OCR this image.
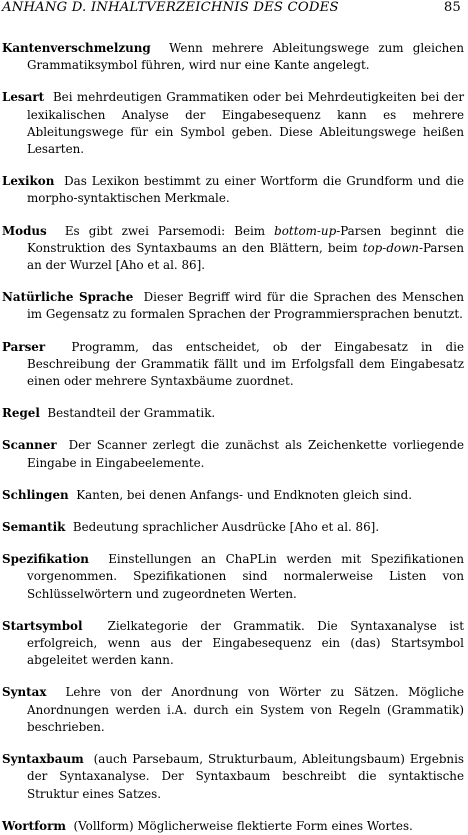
ANHANG D. INHALTVERZEICHNIS DES CODES	85

Kantenverschmelzung Wenn mehrere Ableitungswege zum gleichen Grammatiksymbol führen, wird nur eine Kante angelegt.

Lesart Bei mehrdeutigen Grammatiken oder bei Mehrdeutigkeiten bei der lexikalischen Analyse der Eingabesequenz kann es mehrere Ableitungswege für ein Symbol geben. Diese Ableitungswege heißen Lesarten.

Lexikon Das Lexikon bestimmt zu einer Wortform die Grundform und die morpho-syntaktischen Merkmale.

Modus Es gibt zwei Parsemodi: Beim bottom-up-Parsen beginnt die Konstruktion des Syntaxbaums an den Blättern, beim top-down-Parsen an der Wurzel [Aho et al. 86].

Natürliche Sprache Dieser Begriff wird für die Sprachen des Menschen im Gegensatz zu formalen Sprachen der Programmiersprachen benutzt.

Parser Programm, das entscheidet, ob der Eingabesatz in die Beschreibung der Grammatik fällt und im Erfolgsfall dem Eingabesatz einen oder mehrere Syntaxbäume zuordnet.

Regel Bestandteil der Grammatik.

Scanner Der Scanner zerlegt die zunächst als Zeichenkette vorliegende Eingabe in Eingabeelemente.

Schlingen Kanten, bei denen Anfangs- und Endknoten gleich sind.

Semantik Bedeutung sprachlicher Ausdrücke [Aho et al. 86].

Spezifikation Einstellungen an ChaPLin werden mit Spezifikationen vorgenommen. Spezifikationen sind normalerweise Listen von Schlüsselwörtern und zugeordneten Werten.

Startsymbol Zielkategorie der Grammatik. Die Syntaxanalyse ist erfolgreich, wenn aus der Eingabesequenz ein (das) Startsymbol abgeleitet werden kann.

Syntax Lehre von der Anordnung von Wörter zu Sätzen. Mögliche Anordnungen werden i.A. durch ein System von Regeln (Grammatik) beschrieben.

Syntaxbaum (auch Parsebaum, Strukturbaum, Ableitungsbaum) Ergebnis der Syntaxanalyse. Der Syntaxbaum beschreibt die syntaktische Struktur eines Satzes.

Wortform (Vollform) Möglicherweise flektierte Form eines Wortes.
